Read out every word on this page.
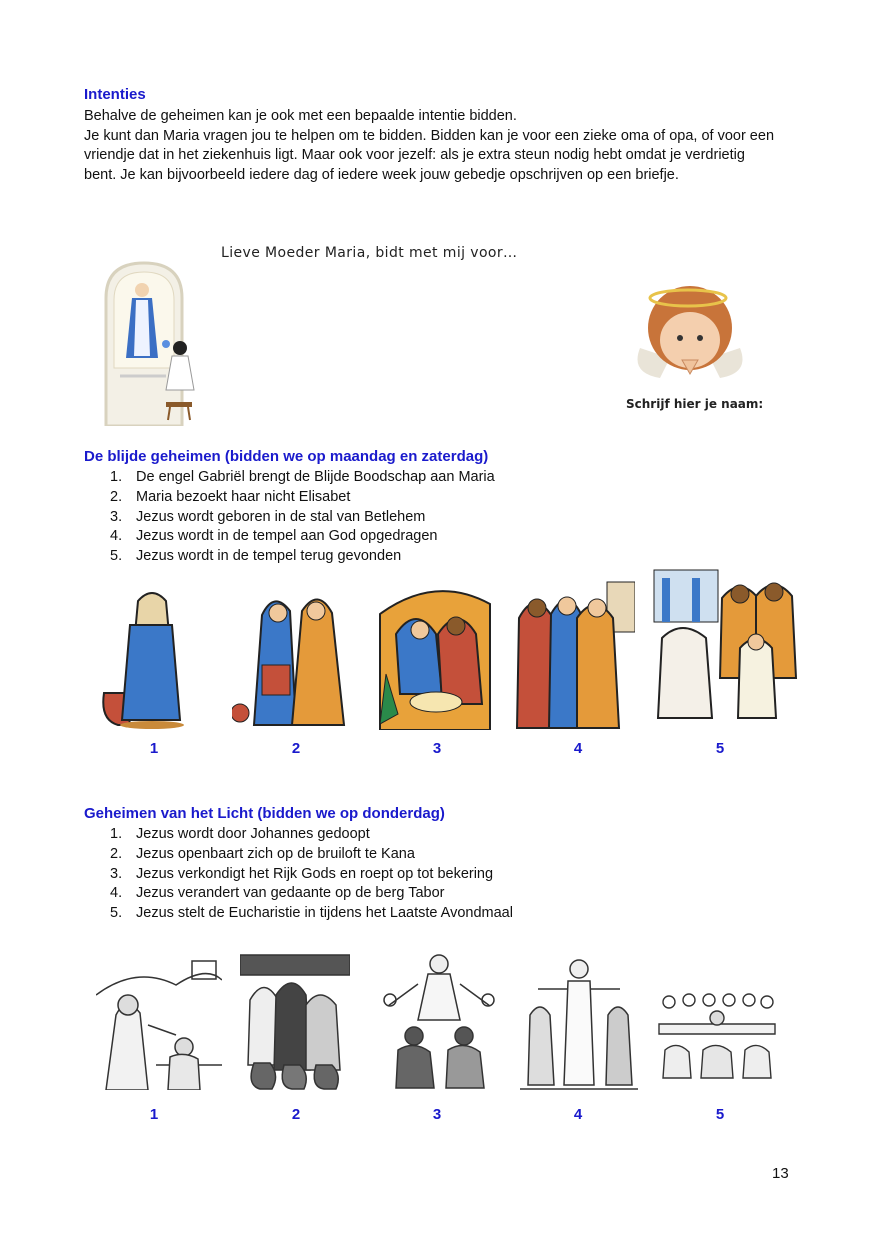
Intenties
Behalve de geheimen kan je ook met een bepaalde intentie bidden.
Je kunt dan Maria vragen jou te helpen om te bidden. Bidden kan je voor een zieke oma of opa, of voor een
vriendje dat in het ziekenhuis ligt. Maar ook voor jezelf: als je extra steun nodig hebt omdat je verdrietig
bent. Je kan bijvoorbeeld iedere dag of iedere week jouw gebedje opschrijven op een briefje.
Lieve Moeder Maria, bidt met mij voor…
Schrijf hier je naam:
De blijde geheimen (bidden we op maandag en zaterdag)
1. De engel Gabriël brengt de Blijde Boodschap aan Maria
2. Maria bezoekt haar nicht Elisabet
3. Jezus wordt geboren in de stal van Betlehem
4. Jezus wordt in de tempel aan God opgedragen
5. Jezus wordt in de tempel terug gevonden
1	2	3	4	5
Geheimen van het Licht (bidden we op donderdag)
1. Jezus wordt door Johannes gedoopt
2. Jezus openbaart zich op de bruiloft te Kana
3. Jezus verkondigt het Rijk Gods en roept op tot bekering
4. Jezus verandert van gedaante op de berg Tabor
5. Jezus stelt de Eucharistie in tijdens het Laatste Avondmaal
1	2	3	4	5
13
